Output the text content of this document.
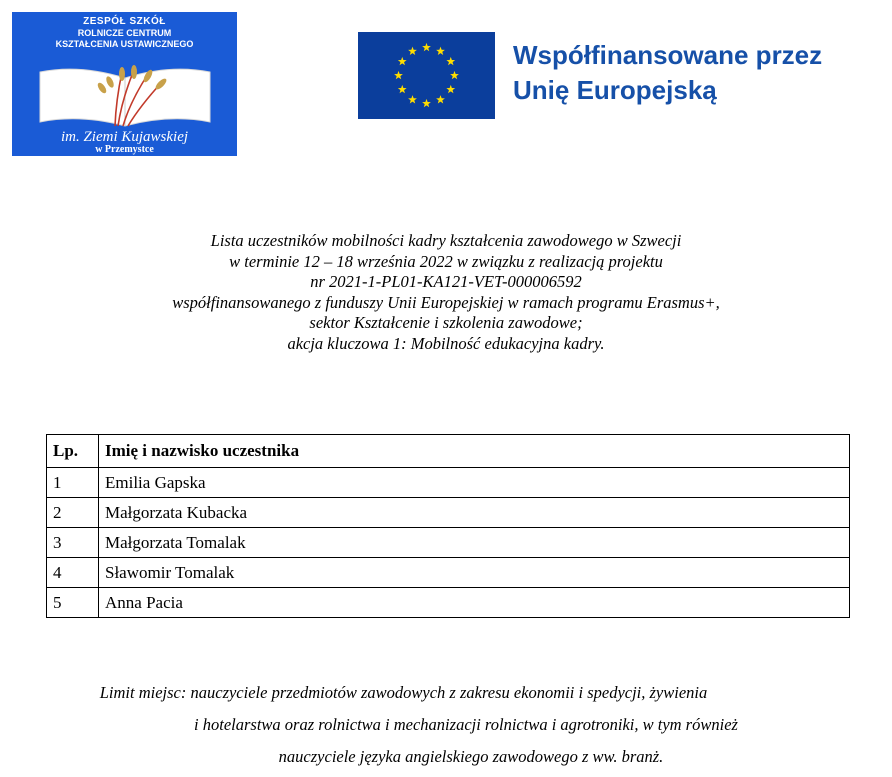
ZESPÓŁ SZKÓŁ
ROLNICZE CENTRUM
KSZTAŁCENIA USTAWICZNEGO
im. Ziemi Kujawskiej
w Przemystce
Współfinansowane przez
Unię Europejską
Lista uczestników mobilności kadry kształcenia zawodowego w Szwecji
w terminie 12 – 18 września 2022 w związku z realizacją projektu
nr 2021-1-PL01-KA121-VET-000006592
współfinansowanego z funduszy Unii Europejskiej w ramach programu Erasmus+,
sektor Kształcenie i szkolenia zawodowe;
akcja kluczowa 1: Mobilność edukacyjna kadry.
Lp.	Imię i nazwisko uczestnika
1	Emilia Gapska
2	Małgorzata Kubacka
3	Małgorzata Tomalak
4	Sławomir Tomalak
5	Anna Pacia
Limit miejsc: nauczyciele przedmiotów zawodowych z zakresu ekonomii i spedycji, żywienia
i hotelarstwa oraz rolnictwa i mechanizacji rolnictwa i agrotroniki, w tym również
nauczyciele języka angielskiego zawodowego z ww. branż.
